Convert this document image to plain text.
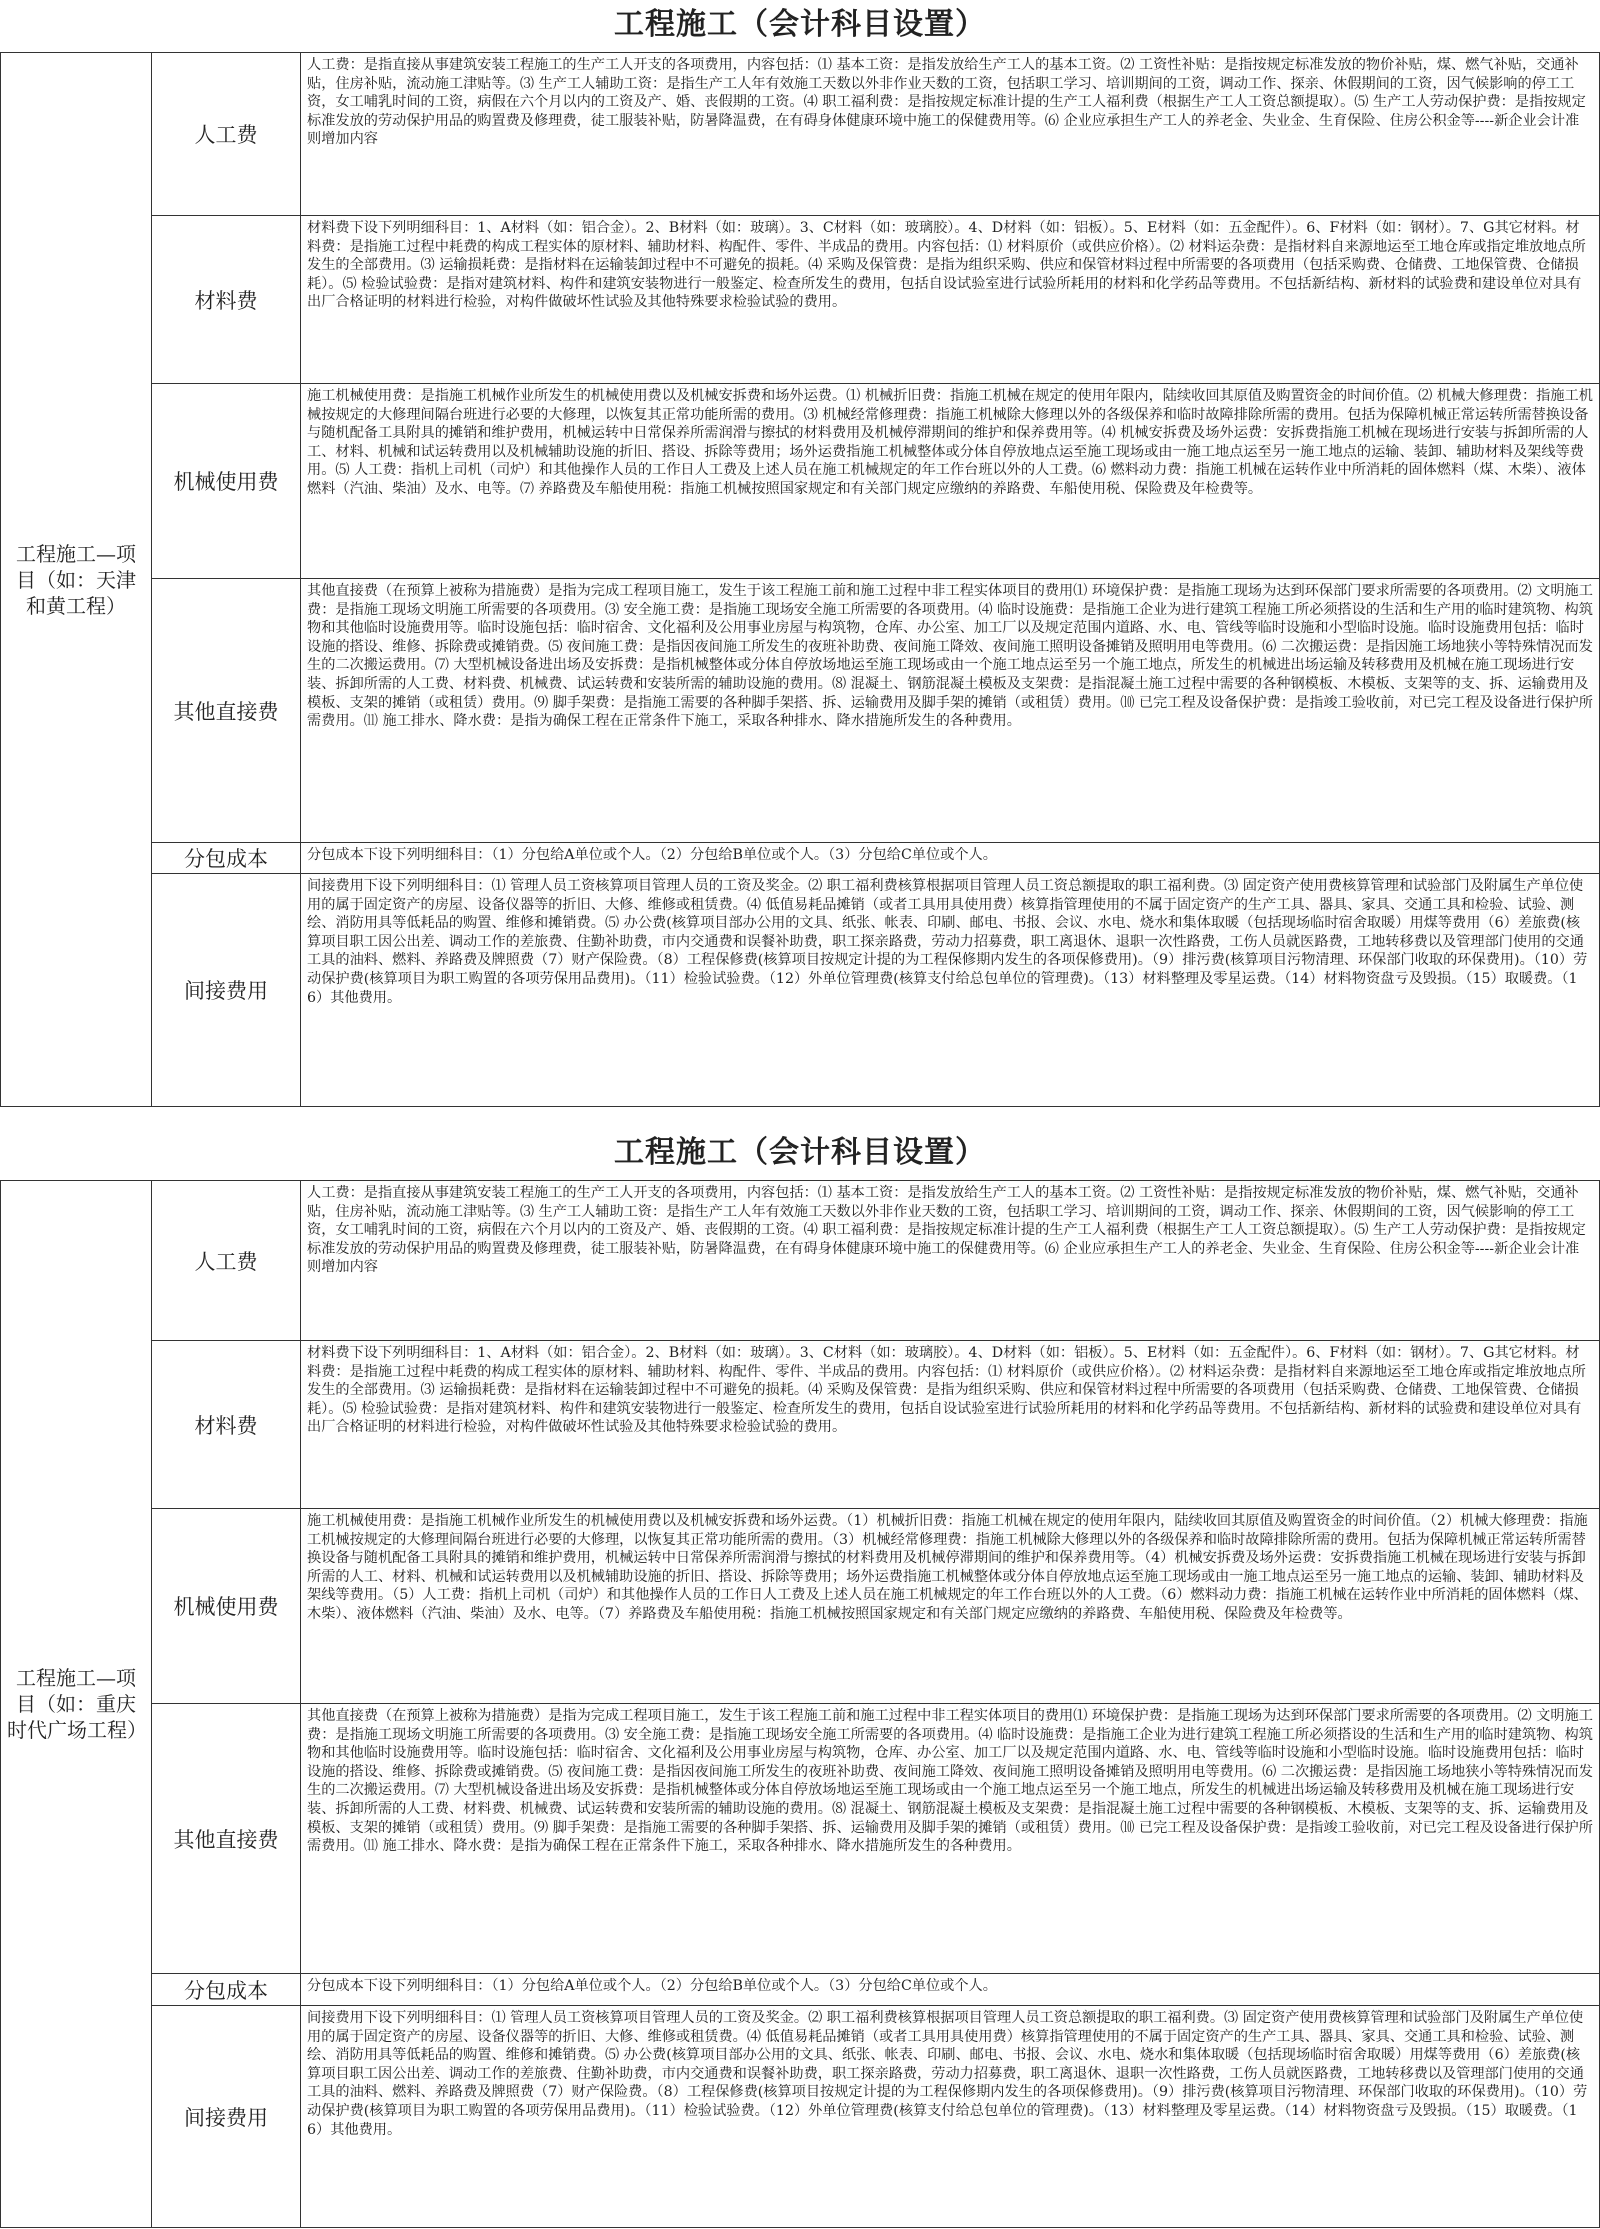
工程施工（会计科目设置）
工程施工—项目（如：天津和黄工程）	人工费	人工费：是指直接从事建筑安装工程施工的生产工人开支的各项费用，内容包括：⑴ 基本工资：是指发放给生产工人的基本工资。⑵ 工资性补贴：是指按规定标准发放的物价补贴，煤、燃气补贴，交通补贴，住房补贴，流动施工津贴等。⑶ 生产工人辅助工资：是指生产工人年有效施工天数以外非作业天数的工资，包括职工学习、培训期间的工资，调动工作、探亲、休假期间的工资，因气候影响的停工工资，女工哺乳时间的工资，病假在六个月以内的工资及产、婚、丧假期的工资。⑷ 职工福利费：是指按规定标准计提的生产工人福利费（根据生产工人工资总额提取）。⑸ 生产工人劳动保护费：是指按规定标准发放的劳动保护用品的购置费及修理费，徒工服装补贴，防暑降温费，在有碍身体健康环境中施工的保健费用等。⑹ 企业应承担生产工人的养老金、失业金、生育保险、住房公积金等----新企业会计准则增加内容
	材料费	材料费下设下列明细科目：1、A材料（如：铝合金）。2、B材料（如：玻璃）。3、C材料（如：玻璃胶）。4、D材料（如：铝板）。5、E材料（如：五金配件）。6、F材料（如：钢材）。7、G其它材料。材料费：是指施工过程中耗费的构成工程实体的原材料、辅助材料、构配件、零件、半成品的费用。内容包括：⑴ 材料原价（或供应价格）。⑵ 材料运杂费：是指材料自来源地运至工地仓库或指定堆放地点所发生的全部费用。⑶ 运输损耗费：是指材料在运输装卸过程中不可避免的损耗。⑷ 采购及保管费：是指为组织采购、供应和保管材料过程中所需要的各项费用（包括采购费、仓储费、工地保管费、仓储损耗）。⑸ 检验试验费：是指对建筑材料、构件和建筑安装物进行一般鉴定、检查所发生的费用，包括自设试验室进行试验所耗用的材料和化学药品等费用。不包括新结构、新材料的试验费和建设单位对具有出厂合格证明的材料进行检验，对构件做破坏性试验及其他特殊要求检验试验的费用。
	机械使用费	施工机械使用费：是指施工机械作业所发生的机械使用费以及机械安拆费和场外运费。⑴ 机械折旧费：指施工机械在规定的使用年限内，陆续收回其原值及购置资金的时间价值。⑵ 机械大修理费：指施工机械按规定的大修理间隔台班进行必要的大修理，以恢复其正常功能所需的费用。⑶ 机械经常修理费：指施工机械除大修理以外的各级保养和临时故障排除所需的费用。包括为保障机械正常运转所需替换设备与随机配备工具附具的摊销和维护费用，机械运转中日常保养所需润滑与擦拭的材料费用及机械停滞期间的维护和保养费用等。⑷ 机械安拆费及场外运费：安拆费指施工机械在现场进行安装与拆卸所需的人工、材料、机械和试运转费用以及机械辅助设施的折旧、搭设、拆除等费用；场外运费指施工机械整体或分体自停放地点运至施工现场或由一施工地点运至另一施工地点的运输、装卸、辅助材料及架线等费用。⑸ 人工费：指机上司机（司炉）和其他操作人员的工作日人工费及上述人员在施工机械规定的年工作台班以外的人工费。⑹ 燃料动力费：指施工机械在运转作业中所消耗的固体燃料（煤、木柴）、液体燃料（汽油、柴油）及水、电等。⑺ 养路费及车船使用税：指施工机械按照国家规定和有关部门规定应缴纳的养路费、车船使用税、保险费及年检费等。
	其他直接费	其他直接费（在预算上被称为措施费）是指为完成工程项目施工，发生于该工程施工前和施工过程中非工程实体项目的费用⑴ 环境保护费：是指施工现场为达到环保部门要求所需要的各项费用。⑵ 文明施工费：是指施工现场文明施工所需要的各项费用。⑶ 安全施工费：是指施工现场安全施工所需要的各项费用。⑷ 临时设施费：是指施工企业为进行建筑工程施工所必须搭设的生活和生产用的临时建筑物、构筑物和其他临时设施费用等。临时设施包括：临时宿舍、文化福利及公用事业房屋与构筑物，仓库、办公室、加工厂以及规定范围内道路、水、电、管线等临时设施和小型临时设施。临时设施费用包括：临时设施的搭设、维修、拆除费或摊销费。⑸ 夜间施工费：是指因夜间施工所发生的夜班补助费、夜间施工降效、夜间施工照明设备摊销及照明用电等费用。⑹ 二次搬运费：是指因施工场地狭小等特殊情况而发生的二次搬运费用。⑺ 大型机械设备进出场及安拆费：是指机械整体或分体自停放场地运至施工现场或由一个施工地点运至另一个施工地点，所发生的机械进出场运输及转移费用及机械在施工现场进行安装、拆卸所需的人工费、材料费、机械费、试运转费和安装所需的辅助设施的费用。⑻ 混凝土、钢筋混凝土模板及支架费：是指混凝土施工过程中需要的各种钢模板、木模板、支架等的支、拆、运输费用及模板、支架的摊销（或租赁）费用。⑼ 脚手架费：是指施工需要的各种脚手架搭、拆、运输费用及脚手架的摊销（或租赁）费用。⑽ 已完工程及设备保护费：是指竣工验收前，对已完工程及设备进行保护所需费用。⑾ 施工排水、降水费：是指为确保工程在正常条件下施工，采取各种排水、降水措施所发生的各种费用。
	分包成本	分包成本下设下列明细科目：（1）分包给A单位或个人。（2）分包给B单位或个人。（3）分包给C单位或个人。
	间接费用	间接费用下设下列明细科目：⑴ 管理人员工资核算项目管理人员的工资及奖金。⑵ 职工福利费核算根据项目管理人员工资总额提取的职工福利费。⑶ 固定资产使用费核算管理和试验部门及附属生产单位使用的属于固定资产的房屋、设备仪器等的折旧、大修、维修或租赁费。⑷ 低值易耗品摊销（或者工具用具使用费）核算指管理使用的不属于固定资产的生产工具、器具、家具、交通工具和检验、试验、测绘、消防用具等低耗品的购置、维修和摊销费。⑸ 办公费(核算项目部办公用的文具、纸张、帐表、印刷、邮电、书报、会议、水电、烧水和集体取暖（包括现场临时宿舍取暖）用煤等费用（6）差旅费(核算项目职工因公出差、调动工作的差旅费、住勤补助费，市内交通费和误餐补助费，职工探亲路费，劳动力招募费，职工离退休、退职一次性路费，工伤人员就医路费，工地转移费以及管理部门使用的交通工具的油料、燃料、养路费及牌照费（7）财产保险费。（8）工程保修费(核算项目按规定计提的为工程保修期内发生的各项保修费用)。（9）排污费(核算项目污物清理、环保部门收取的环保费用)。（10）劳动保护费(核算项目为职工购置的各项劳保用品费用)。（11）检验试验费。（12）外单位管理费(核算支付给总包单位的管理费)。（13）材料整理及零星运费。（14）材料物资盘亏及毁损。（15）取暖费。（16）其他费用。
工程施工（会计科目设置）
工程施工—项目（如：重庆时代广场工程）	人工费	人工费：是指直接从事建筑安装工程施工的生产工人开支的各项费用，内容包括：⑴ 基本工资：是指发放给生产工人的基本工资。⑵ 工资性补贴：是指按规定标准发放的物价补贴，煤、燃气补贴，交通补贴，住房补贴，流动施工津贴等。⑶ 生产工人辅助工资：是指生产工人年有效施工天数以外非作业天数的工资，包括职工学习、培训期间的工资，调动工作、探亲、休假期间的工资，因气候影响的停工工资，女工哺乳时间的工资，病假在六个月以内的工资及产、婚、丧假期的工资。⑷ 职工福利费：是指按规定标准计提的生产工人福利费（根据生产工人工资总额提取）。⑸ 生产工人劳动保护费：是指按规定标准发放的劳动保护用品的购置费及修理费，徒工服装补贴，防暑降温费，在有碍身体健康环境中施工的保健费用等。⑹ 企业应承担生产工人的养老金、失业金、生育保险、住房公积金等----新企业会计准则增加内容
	材料费	材料费下设下列明细科目：1、A材料（如：铝合金）。2、B材料（如：玻璃）。3、C材料（如：玻璃胶）。4、D材料（如：铝板）。5、E材料（如：五金配件）。6、F材料（如：钢材）。7、G其它材料。材料费：是指施工过程中耗费的构成工程实体的原材料、辅助材料、构配件、零件、半成品的费用。内容包括：⑴ 材料原价（或供应价格）。⑵ 材料运杂费：是指材料自来源地运至工地仓库或指定堆放地点所发生的全部费用。⑶ 运输损耗费：是指材料在运输装卸过程中不可避免的损耗。⑷ 采购及保管费：是指为组织采购、供应和保管材料过程中所需要的各项费用（包括采购费、仓储费、工地保管费、仓储损耗）。⑸ 检验试验费：是指对建筑材料、构件和建筑安装物进行一般鉴定、检查所发生的费用，包括自设试验室进行试验所耗用的材料和化学药品等费用。不包括新结构、新材料的试验费和建设单位对具有出厂合格证明的材料进行检验，对构件做破坏性试验及其他特殊要求检验试验的费用。
	机械使用费	施工机械使用费：是指施工机械作业所发生的机械使用费以及机械安拆费和场外运费。（1）机械折旧费：指施工机械在规定的使用年限内，陆续收回其原值及购置资金的时间价值。（2）机械大修理费：指施工机械按规定的大修理间隔台班进行必要的大修理，以恢复其正常功能所需的费用。（3）机械经常修理费：指施工机械除大修理以外的各级保养和临时故障排除所需的费用。包括为保障机械正常运转所需替换设备与随机配备工具附具的摊销和维护费用，机械运转中日常保养所需润滑与擦拭的材料费用及机械停滞期间的维护和保养费用等。（4）机械安拆费及场外运费：安拆费指施工机械在现场进行安装与拆卸所需的人工、材料、机械和试运转费用以及机械辅助设施的折旧、搭设、拆除等费用；场外运费指施工机械整体或分体自停放地点运至施工现场或由一施工地点运至另一施工地点的运输、装卸、辅助材料及架线等费用。（5）人工费：指机上司机（司炉）和其他操作人员的工作日人工费及上述人员在施工机械规定的年工作台班以外的人工费。（6）燃料动力费：指施工机械在运转作业中所消耗的固体燃料（煤、木柴）、液体燃料（汽油、柴油）及水、电等。（7）养路费及车船使用税：指施工机械按照国家规定和有关部门规定应缴纳的养路费、车船使用税、保险费及年检费等。
	其他直接费	其他直接费（在预算上被称为措施费）是指为完成工程项目施工，发生于该工程施工前和施工过程中非工程实体项目的费用⑴ 环境保护费：是指施工现场为达到环保部门要求所需要的各项费用。⑵ 文明施工费：是指施工现场文明施工所需要的各项费用。⑶ 安全施工费：是指施工现场安全施工所需要的各项费用。⑷ 临时设施费：是指施工企业为进行建筑工程施工所必须搭设的生活和生产用的临时建筑物、构筑物和其他临时设施费用等。临时设施包括：临时宿舍、文化福利及公用事业房屋与构筑物，仓库、办公室、加工厂以及规定范围内道路、水、电、管线等临时设施和小型临时设施。临时设施费用包括：临时设施的搭设、维修、拆除费或摊销费。⑸ 夜间施工费：是指因夜间施工所发生的夜班补助费、夜间施工降效、夜间施工照明设备摊销及照明用电等费用。⑹ 二次搬运费：是指因施工场地狭小等特殊情况而发生的二次搬运费用。⑺ 大型机械设备进出场及安拆费：是指机械整体或分体自停放场地运至施工现场或由一个施工地点运至另一个施工地点，所发生的机械进出场运输及转移费用及机械在施工现场进行安装、拆卸所需的人工费、材料费、机械费、试运转费和安装所需的辅助设施的费用。⑻ 混凝土、钢筋混凝土模板及支架费：是指混凝土施工过程中需要的各种钢模板、木模板、支架等的支、拆、运输费用及模板、支架的摊销（或租赁）费用。⑼ 脚手架费：是指施工需要的各种脚手架搭、拆、运输费用及脚手架的摊销（或租赁）费用。⑽ 已完工程及设备保护费：是指竣工验收前，对已完工程及设备进行保护所需费用。⑾ 施工排水、降水费：是指为确保工程在正常条件下施工，采取各种排水、降水措施所发生的各种费用。
	分包成本	分包成本下设下列明细科目：（1）分包给A单位或个人。（2）分包给B单位或个人。（3）分包给C单位或个人。
	间接费用	间接费用下设下列明细科目：⑴ 管理人员工资核算项目管理人员的工资及奖金。⑵ 职工福利费核算根据项目管理人员工资总额提取的职工福利费。⑶ 固定资产使用费核算管理和试验部门及附属生产单位使用的属于固定资产的房屋、设备仪器等的折旧、大修、维修或租赁费。⑷ 低值易耗品摊销（或者工具用具使用费）核算指管理使用的不属于固定资产的生产工具、器具、家具、交通工具和检验、试验、测绘、消防用具等低耗品的购置、维修和摊销费。⑸ 办公费(核算项目部办公用的文具、纸张、帐表、印刷、邮电、书报、会议、水电、烧水和集体取暖（包括现场临时宿舍取暖）用煤等费用（6）差旅费(核算项目职工因公出差、调动工作的差旅费、住勤补助费，市内交通费和误餐补助费，职工探亲路费，劳动力招募费，职工离退休、退职一次性路费，工伤人员就医路费，工地转移费以及管理部门使用的交通工具的油料、燃料、养路费及牌照费（7）财产保险费。（8）工程保修费(核算项目按规定计提的为工程保修期内发生的各项保修费用)。（9）排污费(核算项目污物清理、环保部门收取的环保费用)。（10）劳动保护费(核算项目为职工购置的各项劳保用品费用)。（11）检验试验费。（12）外单位管理费(核算支付给总包单位的管理费)。（13）材料整理及零星运费。（14）材料物资盘亏及毁损。（15）取暖费。（16）其他费用。
